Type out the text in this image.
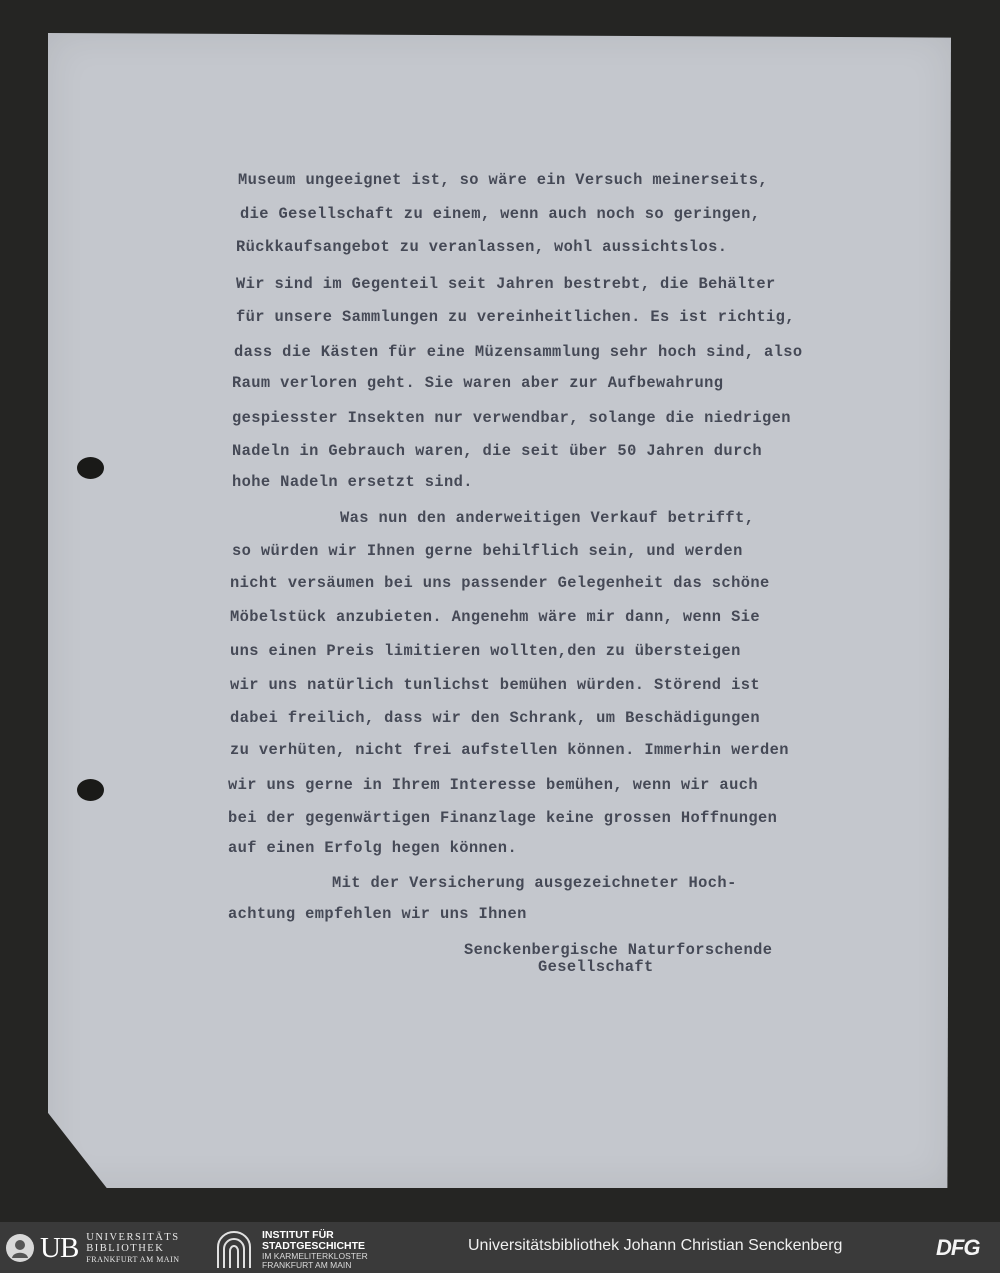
Museum ungeeignet ist, so wäre ein Versuch meinerseits,
die Gesellschaft zu einem, wenn auch noch so geringen,
Rückkaufsangebot zu veranlassen, wohl aussichtslos.
Wir sind im Gegenteil seit Jahren bestrebt, die Behälter
für unsere Sammlungen zu vereinheitlichen. Es ist richtig,
dass die Kästen für eine Müzensammlung sehr hoch sind, also
Raum verloren geht. Sie waren aber zur Aufbewahrung
gespiesster Insekten nur verwendbar, solange die niedrigen
Nadeln in Gebrauch waren, die seit über 50 Jahren durch
hohe Nadeln ersetzt sind.
Was nun den anderweitigen Verkauf betrifft,
so würden wir Ihnen gerne behilflich sein, und werden
nicht versäumen bei uns passender Gelegenheit das schöne
Möbelstück anzubieten. Angenehm wäre mir dann, wenn Sie
uns einen Preis limitieren wollten,den zu übersteigen
wir uns natürlich tunlichst bemühen würden. Störend ist
dabei freilich, dass wir den Schrank, um Beschädigungen
zu verhüten, nicht frei aufstellen können. Immerhin werden
wir uns gerne in Ihrem Interesse bemühen, wenn wir auch
bei der gegenwärtigen Finanzlage keine grossen Hoffnungen
auf einen Erfolg hegen können.
Mit der Versicherung ausgezeichneter Hoch-
achtung empfehlen wir uns Ihnen
Senckenbergische Naturforschende
Gesellschaft
UB UNIVERSITÄTS
BIBLIOTHEK
FRANKFURT AM MAIN
INSTITUT FÜR
STADTGESCHICHTE
IM KARMELITERKLOSTER
FRANKFURT AM MAIN
Universitätsbibliothek Johann Christian Senckenberg	DFG
